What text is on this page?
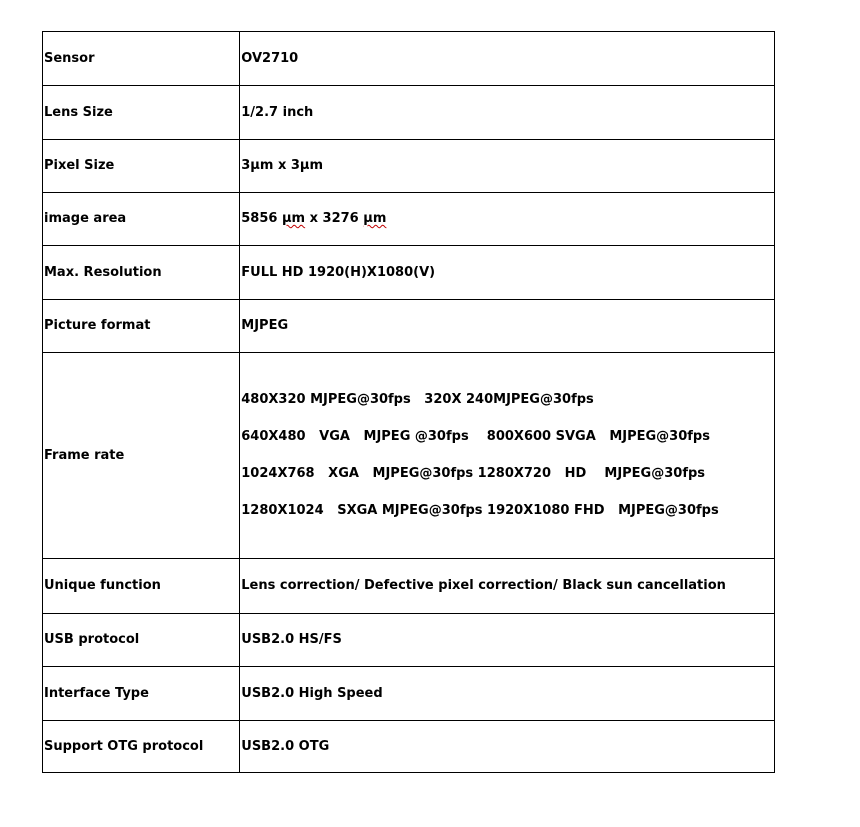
Sensor	OV2710
Lens Size	1/2.7 inch
Pixel Size	3μm x 3μm
image area	5856 μm x 3276 μm
Max. Resolution	FULL HD 1920(H)X1080(V)
Picture format	MJPEG
Frame rate	480X320 MJPEG@30fps   320X 240MJPEG@30fps
640X480   VGA   MJPEG @30fps    800X600 SVGA   MJPEG@30fps
1024X768   XGA   MJPEG@30fps 1280X720   HD    MJPEG@30fps
1280X1024   SXGA MJPEG@30fps 1920X1080 FHD   MJPEG@30fps

Unique function	Lens correction/ Defective pixel correction/ Black sun cancellation
USB protocol	USB2.0 HS/FS
Interface Type	USB2.0 High Speed
Support OTG protocol	USB2.0 OTG
